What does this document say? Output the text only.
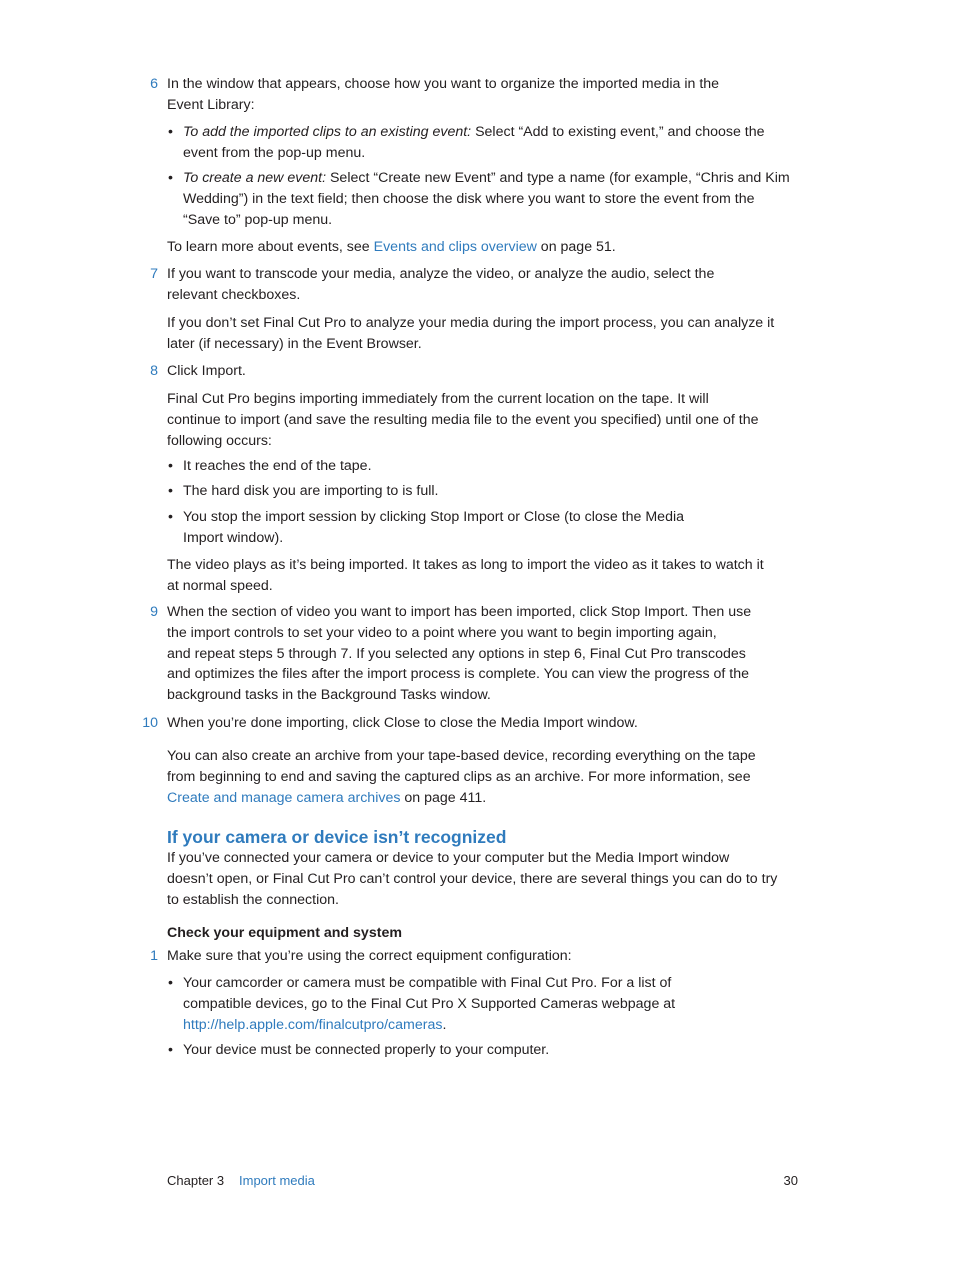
6 In the window that appears, choose how you want to organize the imported media in the
Event Library:
• To add the imported clips to an existing event: Select “Add to existing event,” and choose the
event from the pop-up menu.
• To create a new event: Select “Create new Event” and type a name (for example, “Chris and Kim
Wedding”) in the text field; then choose the disk where you want to store the event from the
“Save to” pop-up menu.
To learn more about events, see Events and clips overview on page 51.
7 If you want to transcode your media, analyze the video, or analyze the audio, select the
relevant checkboxes.
If you don’t set Final Cut Pro to analyze your media during the import process, you can analyze it
later (if necessary) in the Event Browser.
8 Click Import.
Final Cut Pro begins importing immediately from the current location on the tape. It will
continue to import (and save the resulting media file to the event you specified) until one of the
following occurs:
• It reaches the end of the tape.
• The hard disk you are importing to is full.
• You stop the import session by clicking Stop Import or Close (to close the Media
Import window).
The video plays as it’s being imported. It takes as long to import the video as it takes to watch it
at normal speed.
9 When the section of video you want to import has been imported, click Stop Import. Then use
the import controls to set your video to a point where you want to begin importing again,
and repeat steps 5 through 7. If you selected any options in step 6, Final Cut Pro transcodes
and optimizes the files after the import process is complete. You can view the progress of the
background tasks in the Background Tasks window.
10 When you’re done importing, click Close to close the Media Import window.
You can also create an archive from your tape-based device, recording everything on the tape
from beginning to end and saving the captured clips as an archive. For more information, see
Create and manage camera archives on page 411.
If your camera or device isn’t recognized
If you’ve connected your camera or device to your computer but the Media Import window
doesn’t open, or Final Cut Pro can’t control your device, there are several things you can do to try
to establish the connection.
Check your equipment and system
1 Make sure that you’re using the correct equipment configuration:
• Your camcorder or camera must be compatible with Final Cut Pro. For a list of
compatible devices, go to the Final Cut Pro X Supported Cameras webpage at
http://help.apple.com/finalcutpro/cameras.
• Your device must be connected properly to your computer.
Chapter 3 Import media	30
